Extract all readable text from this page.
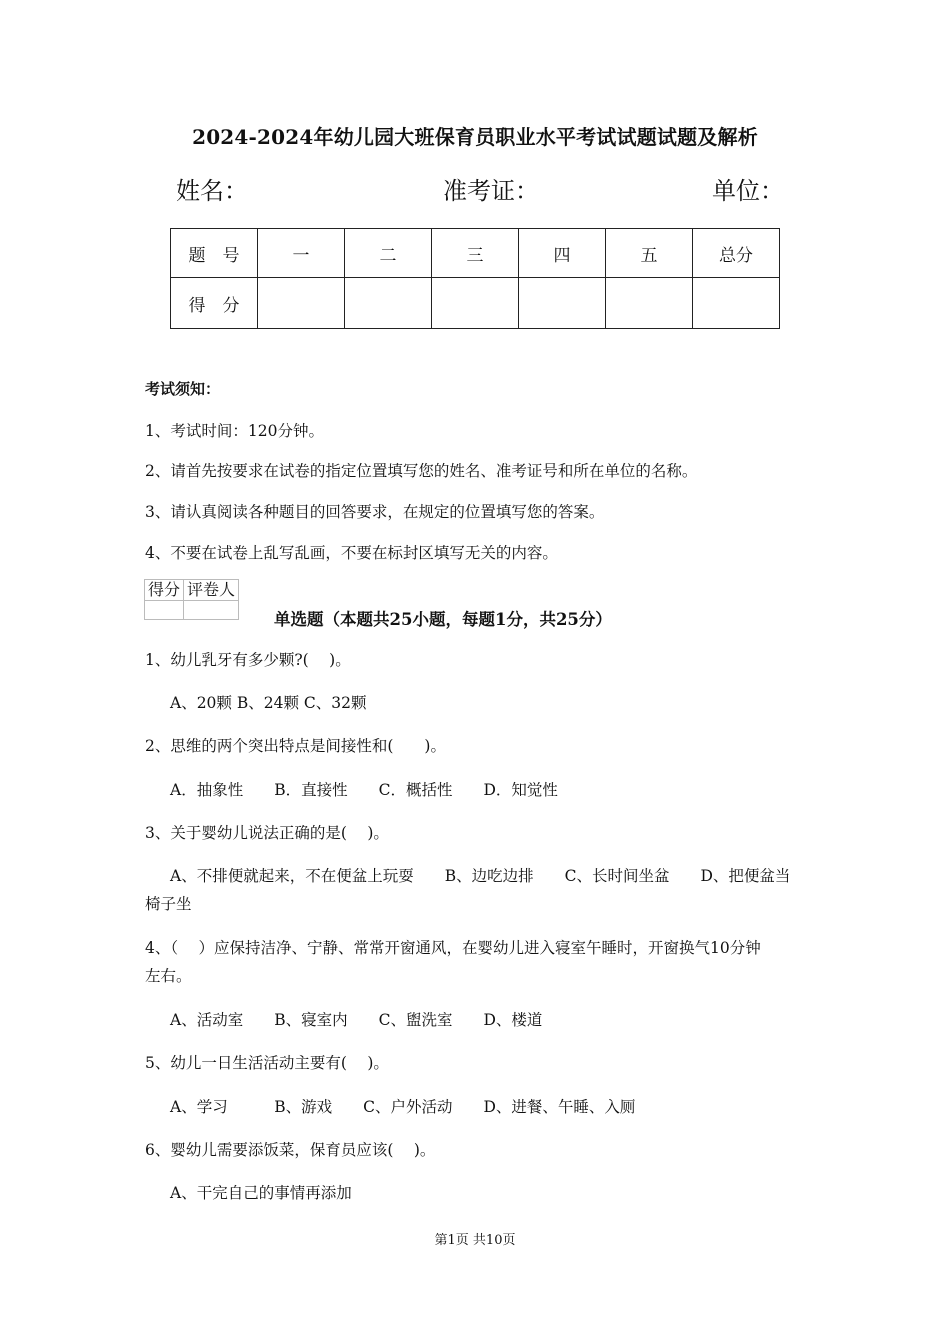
2024-2024年幼儿园大班保育员职业水平考试试题试题及解析
姓名：	准考证：	单位：
题　号	一	二	三	四	五	总分
得　分						
考试须知：
1、考试时间：120分钟。
2、请首先按要求在试卷的指定位置填写您的姓名、准考证号和所在单位的名称。
3、请认真阅读各种题目的回答要求，在规定的位置填写您的答案。
4、不要在试卷上乱写乱画，不要在标封区填写无关的内容。
得分	评卷人

单选题（本题共25小题，每题1分，共25分）
1、幼儿乳牙有多少颗?(　 )。
A、20颗 B、24颗 C、32颗
2、思维的两个突出特点是间接性和(　　)。
A．抽象性　　B．直接性　　C．概括性　　D．知觉性
3、关于婴幼儿说法正确的是(　 )。
A、不排便就起来，不在便盆上玩耍　　B、边吃边排　　C、长时间坐盆　　D、把便盆当
椅子坐
4、（　 ）应保持洁净、宁静、常常开窗通风，在婴幼儿进入寝室午睡时，开窗换气10分钟
左右。
A、活动室　　B、寝室内　　C、盥洗室　　D、楼道
5、幼儿一日生活活动主要有(　 )。
A、学习　　　B、游戏　　C、户外活动　　D、进餐、午睡、入厕
6、婴幼儿需要添饭菜，保育员应该(　 )。
A、干完自己的事情再添加
第1页 共10页
